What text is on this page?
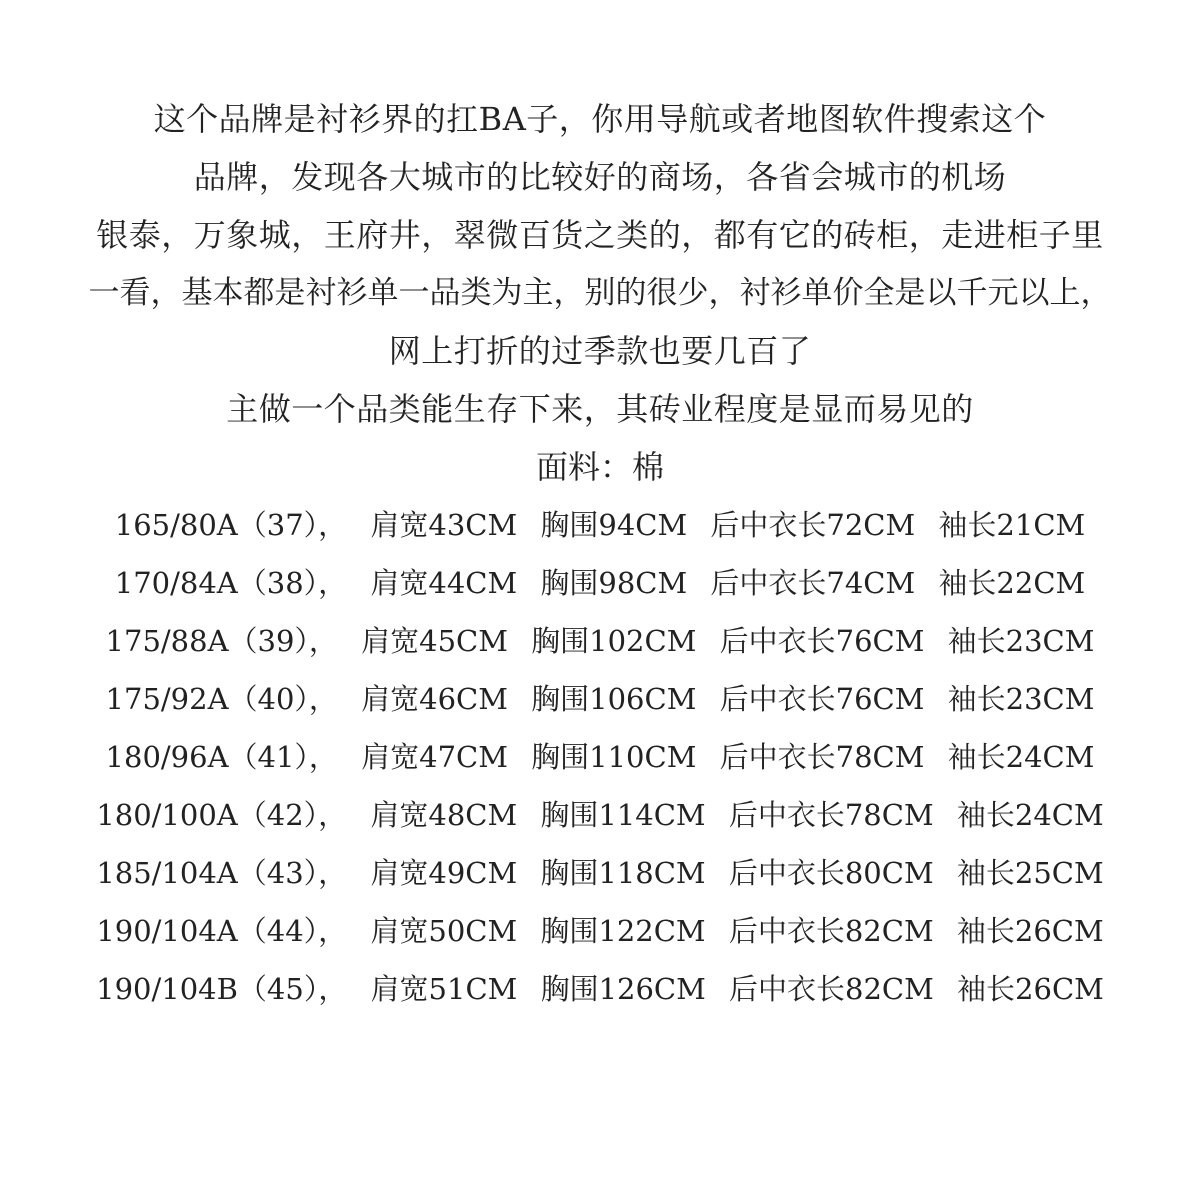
这个品牌是衬衫界的扛BA子，你用导航或者地图软件搜索这个
品牌，发现各大城市的比较好的商场，各省会城市的机场
银泰，万象城，王府井，翠微百货之类的，都有它的砖柜，走进柜子里
一看，基本都是衬衫单一品类为主，别的很少，衬衫单价全是以千元以上，
网上打折的过季款也要几百了
主做一个品类能生存下来，其砖业程度是显而易见的
面料：棉
165/80A（37）， 肩宽43CM 胸围94CM 后中衣长72CM 袖长21CM
170/84A（38）， 肩宽44CM 胸围98CM 后中衣长74CM 袖长22CM
175/88A（39）， 肩宽45CM 胸围102CM 后中衣长76CM 袖长23CM
175/92A（40）， 肩宽46CM 胸围106CM 后中衣长76CM 袖长23CM
180/96A（41）， 肩宽47CM 胸围110CM 后中衣长78CM 袖长24CM
180/100A（42）， 肩宽48CM 胸围114CM 后中衣长78CM 袖长24CM
185/104A（43）， 肩宽49CM 胸围118CM 后中衣长80CM 袖长25CM
190/104A（44）， 肩宽50CM 胸围122CM 后中衣长82CM 袖长26CM
190/104B（45）， 肩宽51CM 胸围126CM 后中衣长82CM 袖长26CM
